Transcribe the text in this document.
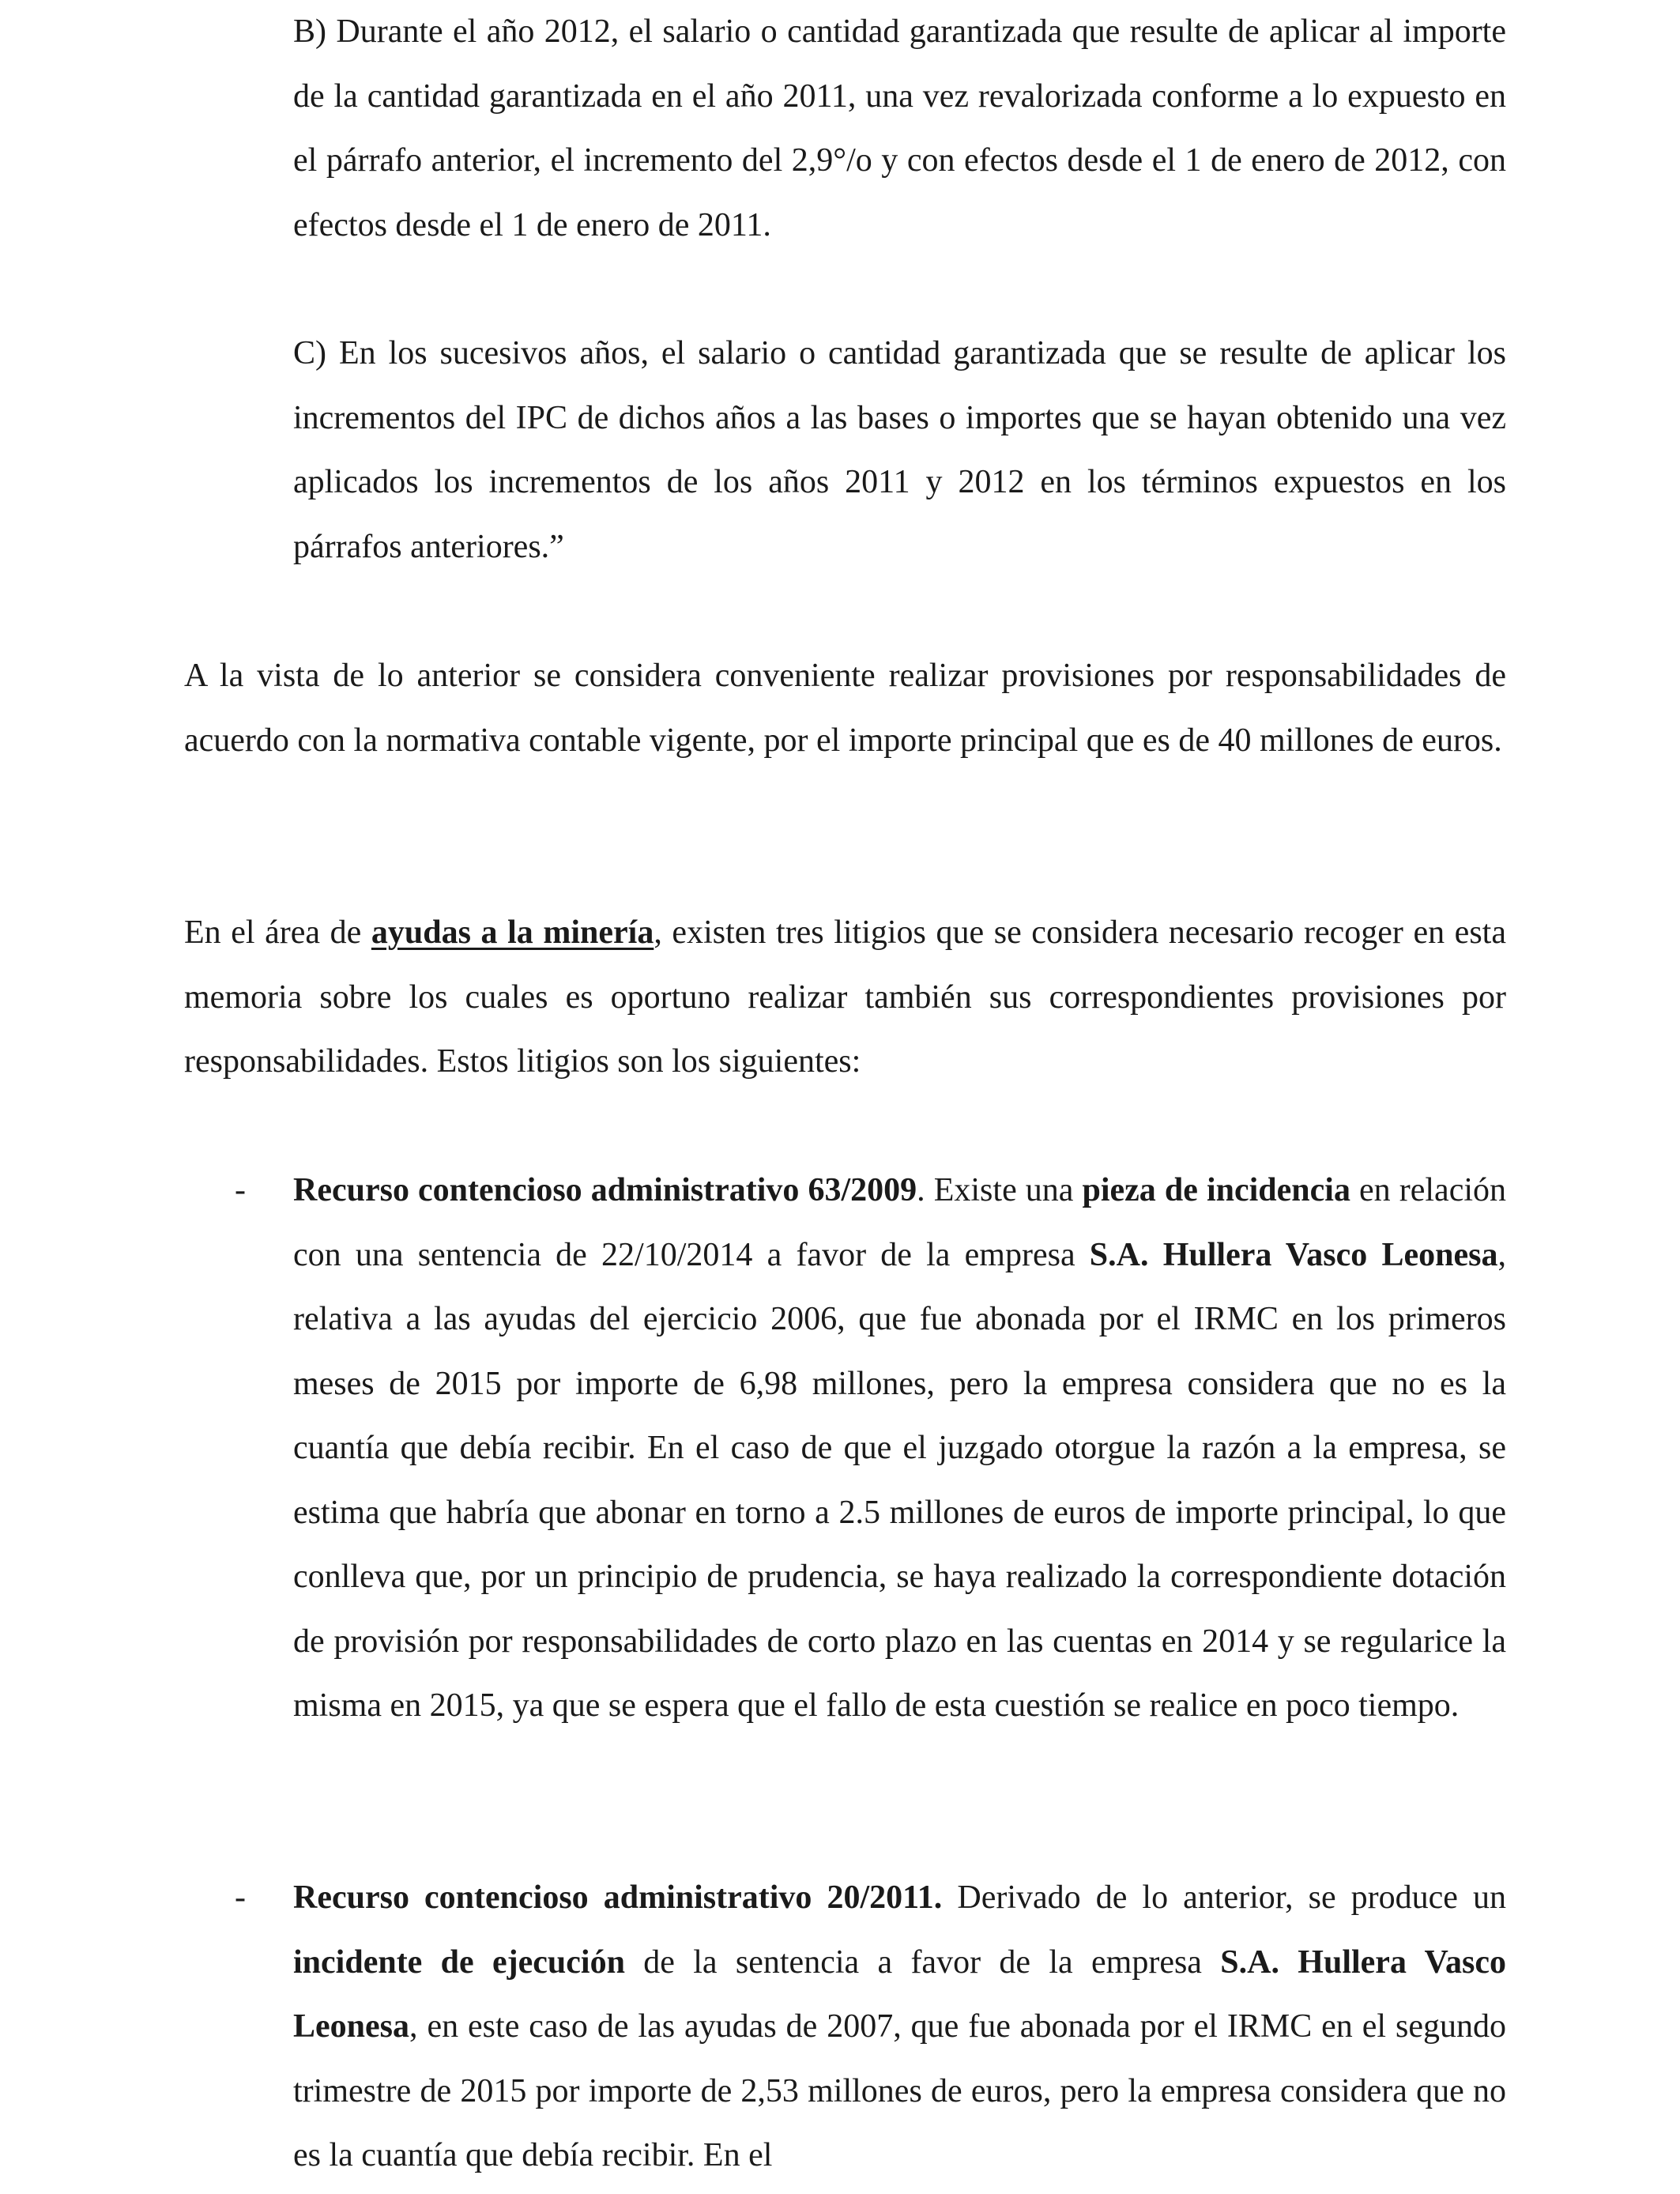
B) Durante el año 2012, el salario o cantidad garantizada que resulte de aplicar al importe de la cantidad garantizada en el año 2011, una vez revalorizada conforme a lo expuesto en el párrafo anterior, el incremento del 2,9°/o y con efectos desde el 1 de enero de 2012, con efectos desde el 1 de enero de 2011.

C) En los sucesivos años, el salario o cantidad garantizada que se resulte de aplicar los incrementos del IPC de dichos años a las bases o importes que se hayan obtenido una vez aplicados los incrementos de los años 2011 y 2012 en los términos expuestos en los párrafos anteriores.”

A la vista de lo anterior se considera conveniente realizar provisiones por responsabilidades de acuerdo con la normativa contable vigente, por el importe principal que es de 40 millones de euros.

En el área de ayudas a la minería, existen tres litigios que se considera necesario recoger en esta memoria sobre los cuales es oportuno realizar también sus correspondientes provisiones por responsabilidades. Estos litigios son los siguientes:

- Recurso contencioso administrativo 63/2009. Existe una pieza de incidencia en relación con una sentencia de 22/10/2014 a favor de la empresa S.A. Hullera Vasco Leonesa, relativa a las ayudas del ejercicio 2006, que fue abonada por el IRMC en los primeros meses de 2015 por importe de 6,98 millones, pero la empresa considera que no es la cuantía que debía recibir. En el caso de que el juzgado otorgue la razón a la empresa, se estima que habría que abonar en torno a 2.5 millones de euros de importe principal, lo que conlleva que, por un principio de prudencia, se haya realizado la correspondiente dotación de provisión por responsabilidades de corto plazo en las cuentas en 2014 y se regularice la misma en 2015, ya que se espera que el fallo de esta cuestión se realice en poco tiempo.

- Recurso contencioso administrativo 20/2011. Derivado de lo anterior, se produce un incidente de ejecución de la sentencia a favor de la empresa S.A. Hullera Vasco Leonesa, en este caso de las ayudas de 2007, que fue abonada por el IRMC en el segundo trimestre de 2015 por importe de 2,53 millones de euros, pero la empresa considera que no es la cuantía que debía recibir. En el
